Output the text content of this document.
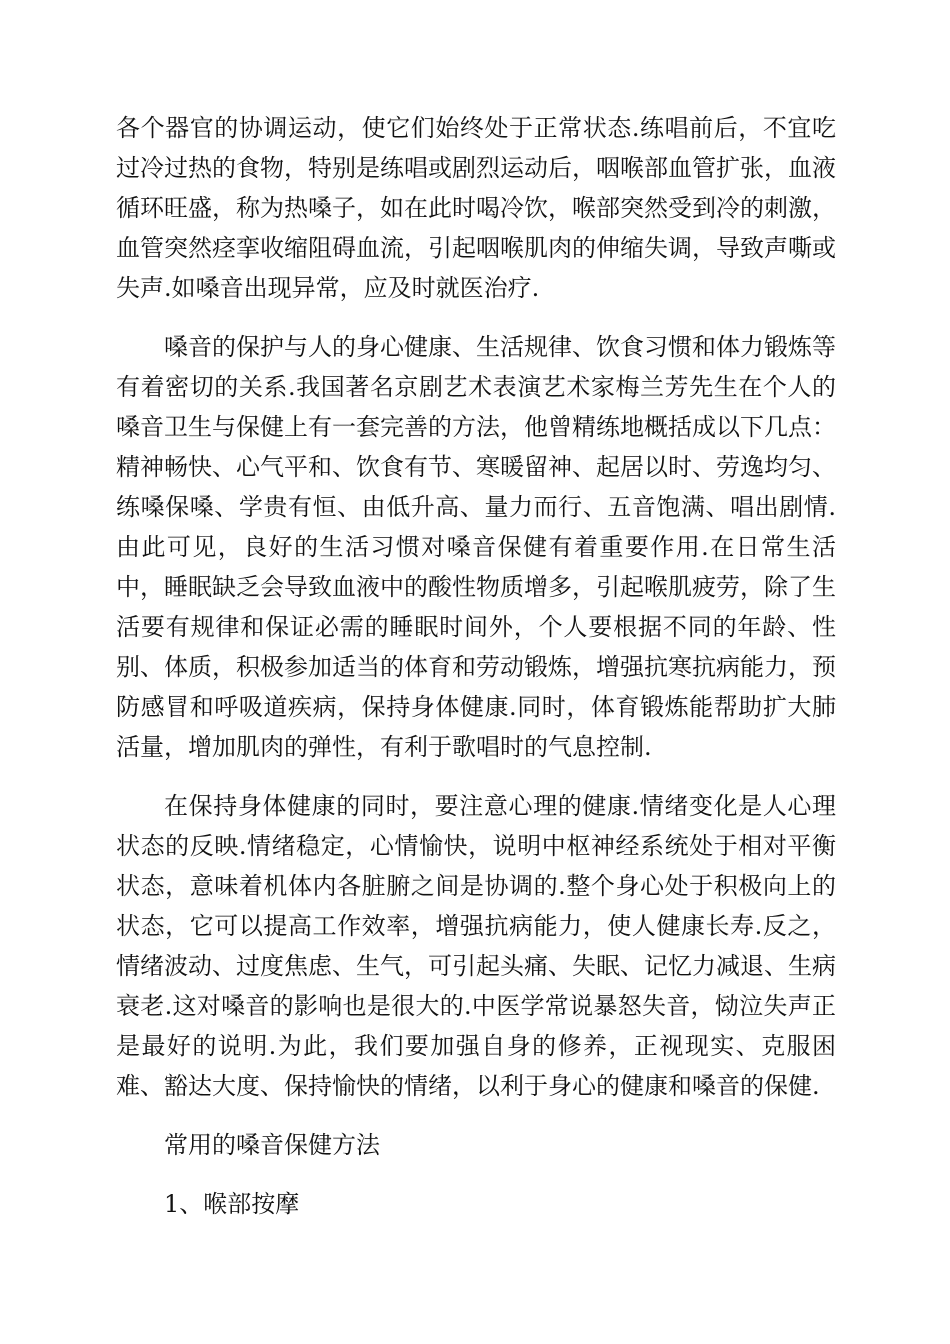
各个器官的协调运动，使它们始终处于正常状态.练唱前后，不宜吃过冷过热的食物，特别是练唱或剧烈运动后，咽喉部血管扩张，血液循环旺盛，称为热嗓子，如在此时喝冷饮，喉部突然受到冷的刺激，血管突然痉挛收缩阻碍血流，引起咽喉肌肉的伸缩失调，导致声嘶或失声.如嗓音出现异常，应及时就医治疗.

嗓音的保护与人的身心健康、生活规律、饮食习惯和体力锻炼等有着密切的关系.我国著名京剧艺术表演艺术家梅兰芳先生在个人的嗓音卫生与保健上有一套完善的方法，他曾精练地概括成以下几点：精神畅快、心气平和、饮食有节、寒暖留神、起居以时、劳逸均匀、练嗓保嗓、学贵有恒、由低升高、量力而行、五音饱满、唱出剧情.由此可见，良好的生活习惯对嗓音保健有着重要作用.在日常生活中，睡眠缺乏会导致血液中的酸性物质增多，引起喉肌疲劳，除了生活要有规律和保证必需的睡眠时间外，个人要根据不同的年龄、性别、体质，积极参加适当的体育和劳动锻炼，增强抗寒抗病能力，预防感冒和呼吸道疾病，保持身体健康.同时，体育锻炼能帮助扩大肺活量，增加肌肉的弹性，有利于歌唱时的气息控制.

在保持身体健康的同时，要注意心理的健康.情绪变化是人心理状态的反映.情绪稳定，心情愉快，说明中枢神经系统处于相对平衡状态，意味着机体内各脏腑之间是协调的.整个身心处于积极向上的状态，它可以提高工作效率，增强抗病能力，使人健康长寿.反之，情绪波动、过度焦虑、生气，可引起头痛、失眠、记忆力减退、生病衰老.这对嗓音的影响也是很大的.中医学常说暴怒失音，恸泣失声正是最好的说明.为此，我们要加强自身的修养，正视现实、克服困难、豁达大度、保持愉快的情绪，以利于身心的健康和嗓音的保健.

常用的嗓音保健方法

1、喉部按摩
